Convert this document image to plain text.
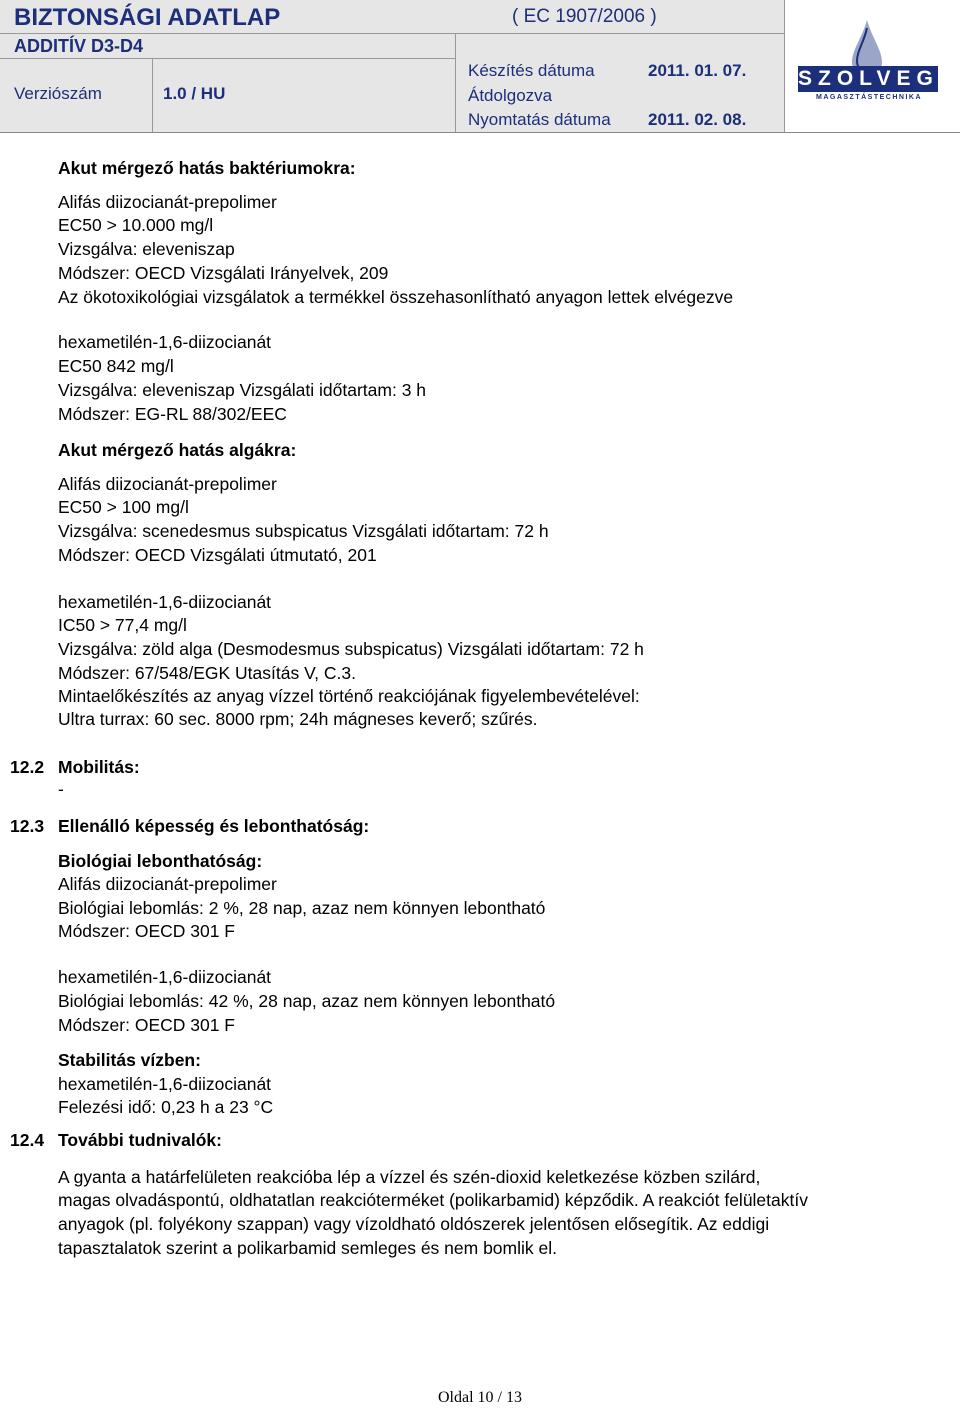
BIZTONSÁGI ADATLAP	( EC 1907/2006 )
ADDITÍV D3-D4
Verziószám	1.0 / HU
Készítés dátuma	2011. 01. 07.
Átdolgozva
Nyomtatás dátuma 2011. 02. 08.
SZOLVEGY
MAGASZTÁSTECHNIKA
Akut mérgező hatás baktériumokra:
Alifás diizocianát-prepolimer
EC50 > 10.000 mg/l
Vizsgálva: eleveniszap
Módszer: OECD Vizsgálati Irányelvek, 209
Az ökotoxikológiai vizsgálatok a termékkel összehasonlítható anyagon lettek elvégezve
hexametilén-1,6-diizocianát
EC50 842 mg/l
Vizsgálva: eleveniszap Vizsgálati időtartam: 3 h
Módszer: EG-RL 88/302/EEC
Akut mérgező hatás algákra:
Alifás diizocianát-prepolimer
EC50 > 100 mg/l
Vizsgálva: scenedesmus subspicatus Vizsgálati időtartam: 72 h
Módszer: OECD Vizsgálati útmutató, 201
hexametilén-1,6-diizocianát
IC50 > 77,4 mg/l
Vizsgálva: zöld alga (Desmodesmus subspicatus) Vizsgálati időtartam: 72 h
Módszer: 67/548/EGK Utasítás V, C.3.
Mintaelőkészítés az anyag vízzel történő reakciójának figyelembevételével:
Ultra turrax: 60 sec. 8000 rpm; 24h mágneses keverő; szűrés.
12.2 Mobilitás:
-
12.3 Ellenálló képesség és lebonthatóság:
Biológiai lebonthatóság:
Alifás diizocianát-prepolimer
Biológiai lebomlás: 2 %, 28 nap, azaz nem könnyen lebontható
Módszer: OECD 301 F
hexametilén-1,6-diizocianát
Biológiai lebomlás: 42 %, 28 nap, azaz nem könnyen lebontható
Módszer: OECD 301 F
Stabilitás vízben:
hexametilén-1,6-diizocianát
Felezési idő: 0,23 h a 23 °C
12.4 További tudnivalók:
A gyanta a határfelületen reakcióba lép a vízzel és szén-dioxid keletkezése közben szilárd,
magas olvadáspontú, oldhatatlan reakcióterméket (polikarbamid) képződik. A reakciót felületaktív
anyagok (pl. folyékony szappan) vagy vízoldható oldószerek jelentősen elősegítik. Az eddigi
tapasztalatok szerint a polikarbamid semleges és nem bomlik el.
Oldal 10 / 13
